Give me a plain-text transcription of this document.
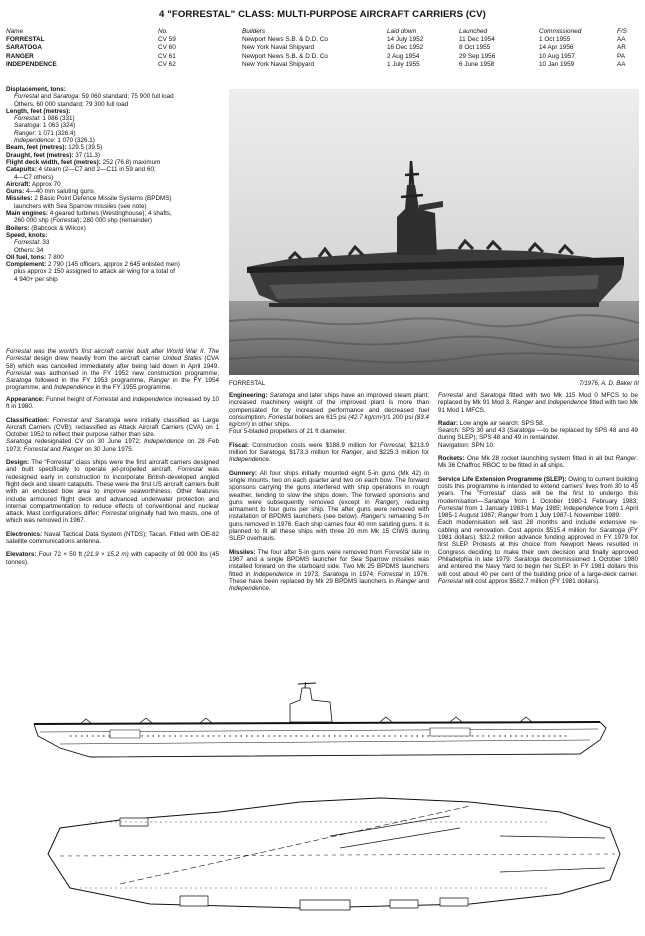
4 "FORRESTAL" CLASS: MULTI-PURPOSE AIRCRAFT CARRIERS (CV)
Name	No.	Builders	Laid down	Launched	Commissioned	F/S
FORRESTAL	CV 59	Newport News S.B. & D.D. Co	14 July 1952	11 Dec 1954	1 Oct 1955	AA
SARATOGA	CV 60	New York Naval Shipyard	16 Dec 1952	8 Oct 1955	14 Apr 1956	AR
RANGER	CV 61	Newport News S.B. & D.D. Co	2 Aug 1954	29 Sep 1956	10 Aug 1957	PA
INDEPENDENCE	CV 62	New York Naval Shipyard	1 July 1955	6 June 1958	10 Jan 1959	AA
Displacement, tons:
Forrestal and Saratoga: 59 060 standard; 75 900 full load
Others: 60 000 standard; 79 300 full load
Length, feet (metres):
Forrestal: 1 086 (331)
Saratoga: 1 063 (324)
Ranger: 1 071 (326.4)
Independence: 1 070 (326.1)
Beam, feet (metres): 129.5 (39.5)
Draught, feet (metres): 37 (11.3)
Flight deck width, feet (metres): 252 (76.8) maximum
Catapults: 4 steam (2—C7 and 2—C11 in 59 and 60;
4—C7 others)
Aircraft: Approx 70
Guns: 4—40 mm saluting guns
Missiles: 2 Basic Point Defence Missile Systems (BPDMS)
launchers with Sea Sparrow missiles (see note)
Main engines: 4 geared turbines (Westinghouse); 4 shafts,
260 000 shp (Forrestal); 280 000 shp (remainder)
Boilers: (Babcock & Wilcox)
Speed, knots:
Forrestal: 33
Others: 34
Oil fuel, tons: 7 800
Complement: 2 790 (145 officers, approx 2 645 enlisted men)
plus approx 2 150 assigned to attack air wing for a total of
4 940+ per ship

Forrestal was the world's first aircraft carrier built after World War II. The Forrestal design drew heavily from the aircraft carrier United States (CVA 58) which was cancelled immediately after being laid down in April 1949. Forrestal was authorised in the FY 1952 new construction programme; Saratoga followed in the FY 1953 programme, Ranger in the FY 1954 programme, and Independence in the FY 1955 programme.

Appearance: Funnel height of Forrestal and Independence increased by 10 ft in 1980.

Classification: Forrestal and Saratoga were initially classified as Large Aircraft Carriers (CVB); reclassified as Attack Aircraft Carriers (CVA) on 1 October 1952 to reflect their purpose rather than size.
Saratoga redesignated CV on 30 June 1972; Independence on 28 Feb 1973; Forrestal and Ranger on 30 June 1975.

Design: The "Forrestal" class ships were the first aircraft carriers designed and built specifically to operate jet-propelled aircraft. Forrestal was redesigned early in construction to incorporate British-developed angled flight deck and steam catapults. These were the first US aircraft carriers built with an enclosed bow area to improve seaworthiness. Other features include armoured flight deck and advanced underwater protection and internal compartmentation to reduce effects of conventional and nuclear attack. Mast configurations differ; Forrestal originally had two masts, one of which was removed in 1967.

Electronics: Naval Tactical Data System (NTDS); Tacan. Fitted with OE-82 satellite communications antenna.

Elevators: Four 72 × 50 ft (21.9 × 15.2 m) with capacity of 99 000 lbs (45 tonnes).

Engineering: Saratoga and later ships have an improved steam plant; increased machinery weight of the improved plant is more than compensated for by increased performance and decreased fuel consumption. Forrestal boilers are 615 psi (42.7 kg/cm²)/1 200 psi (83.4 kg/cm²) in other ships.
Four 5-bladed propellers of 21 ft diameter.

Fiscal: Construction costs were $188.9 million for Forrestal, $213.9 million for Saratoga, $173.3 million for Ranger, and $225.3 million for Independence.

Gunnery: All four ships initially mounted eight 5-in guns (Mk 42) in single mounts, two on each quarter and two on each bow. The forward sponsons carrying the guns interfered with ship operations in rough weather, tending to slow the ships down. The forward sponsons and guns were subsequently removed (except in Ranger), reducing armament to four guns per ship. The after guns were removed with installation of BPDMS launchers (see below). Ranger's remaining 5-in guns removed in 1976. Each ship carries four 40 mm saluting guns. It is planned to fit all these ships with three 20 mm Mk 15 CIWS during SLEP overhauls.

Missiles: The four after 5-in guns were removed from Forrestal late in 1967 and a single BPDMS launcher for Sea Sparrow missiles was installed forward on the starboard side. Two Mk 25 BPDMS launchers fitted in Independence in 1973, Saratoga in 1974; Forrestal in 1976. These have been replaced by Mk 29 BPDMS launchers in Ranger and Independence.

Forrestal and Saratoga fitted with two Mk 115 Mod 0 MFCS to be replaced by Mk 91 Mod 3. Ranger and Independence fitted with two Mk 91 Mod 1 MFCS.

Radar: Low angle air search: SPS 58.
Search: SPS 30 and 43 (Saratoga —to be replaced by SPS 48 and 49 during SLEP); SPS 48 and 49 in remainder.
Navigation: SPN 10.

Rockets: One Mk 28 rocket launching system fitted in all but Ranger. Mk 36 Chaffroc RBOC to be fitted in all ships.

Service Life Extension Programme (SLEP): Owing to current building costs this programme is intended to extend carriers' lives from 30 to 45 years. The "Forrestal" class will be the first to undergo this modernisation—Saratoga from 1 October 1980-1 February 1983; Forrestal from 1 January 1983-1 May 1985; Independence from 1 April 1985-1 August 1987; Ranger from 1 July 1987-1 November 1989.
Each modernisation will last 28 months and include extensive re-cabling and renovation. Cost approx $515.4 million for Saratoga (FY 1981 dollars). $32.2 million advance funding approved in FY 1979 for first SLEP. Protests at this choice from Newport News resulted in Congress deciding to make their own decision and finally approved Philadelphia in late 1979. Saratoga decommissioned 1 October 1980 and entered the Navy Yard to begin her SLEP. In FY 1981 dollars this will cost about 40 per cent of the building price of a large-deck carrier. Forrestal will cost approx $582.7 million (FY 1981 dollars).

FORRESTAL	7/1976, A. D. Baker III
